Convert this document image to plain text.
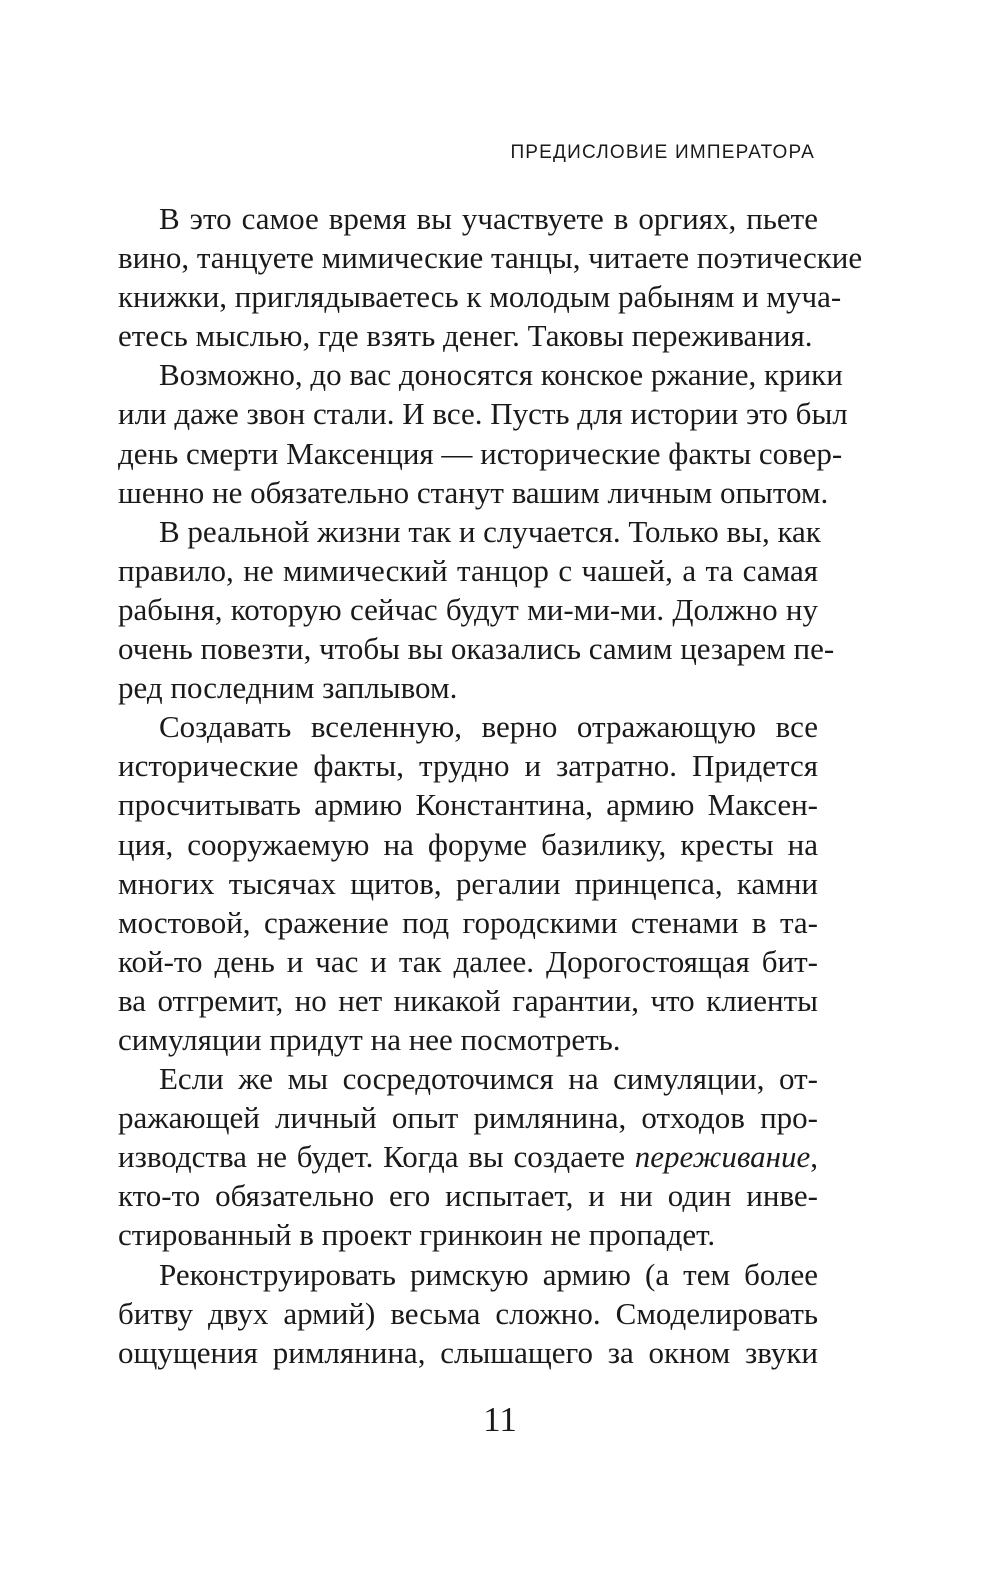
ПРЕДИСЛОВИЕ ИМПЕРАТОРА
В это самое время вы участвуете в оргиях, пьете
вино, танцуете мимические танцы, читаете поэтические
книжки, приглядываетесь к молодым рабыням и муча-
етесь мыслью, где взять денег. Таковы переживания.
Возможно, до вас доносятся конское ржание, крики
или даже звон стали. И все. Пусть для истории это был
день смерти Максенция — исторические факты совер-
шенно не обязательно станут вашим личным опытом.
В реальной жизни так и случается. Только вы, как
правило, не мимический танцор с чашей, а та самая
рабыня, которую сейчас будут ми-ми-ми. Должно ну
очень повезти, чтобы вы оказались самим цезарем пе-
ред последним заплывом.
Создавать вселенную, верно отражающую все
исторические факты, трудно и затратно. Придется
просчитывать армию Константина, армию Максен-
ция, сооружаемую на форуме базилику, кресты на
многих тысячах щитов, регалии принцепса, камни
мостовой, сражение под городскими стенами в та-
кой-то день и час и так далее. Дорогостоящая бит-
ва отгремит, но нет никакой гарантии, что клиенты
симуляции придут на нее посмотреть.
Если же мы сосредоточимся на симуляции, от-
ражающей личный опыт римлянина, отходов про-
изводства не будет. Когда вы создаете переживание,
кто-то обязательно его испытает, и ни один инве-
стированный в проект гринкоин не пропадет.
Реконструировать римскую армию (а тем более
битву двух армий) весьма сложно. Смоделировать
ощущения римлянина, слышащего за окном звуки
11
